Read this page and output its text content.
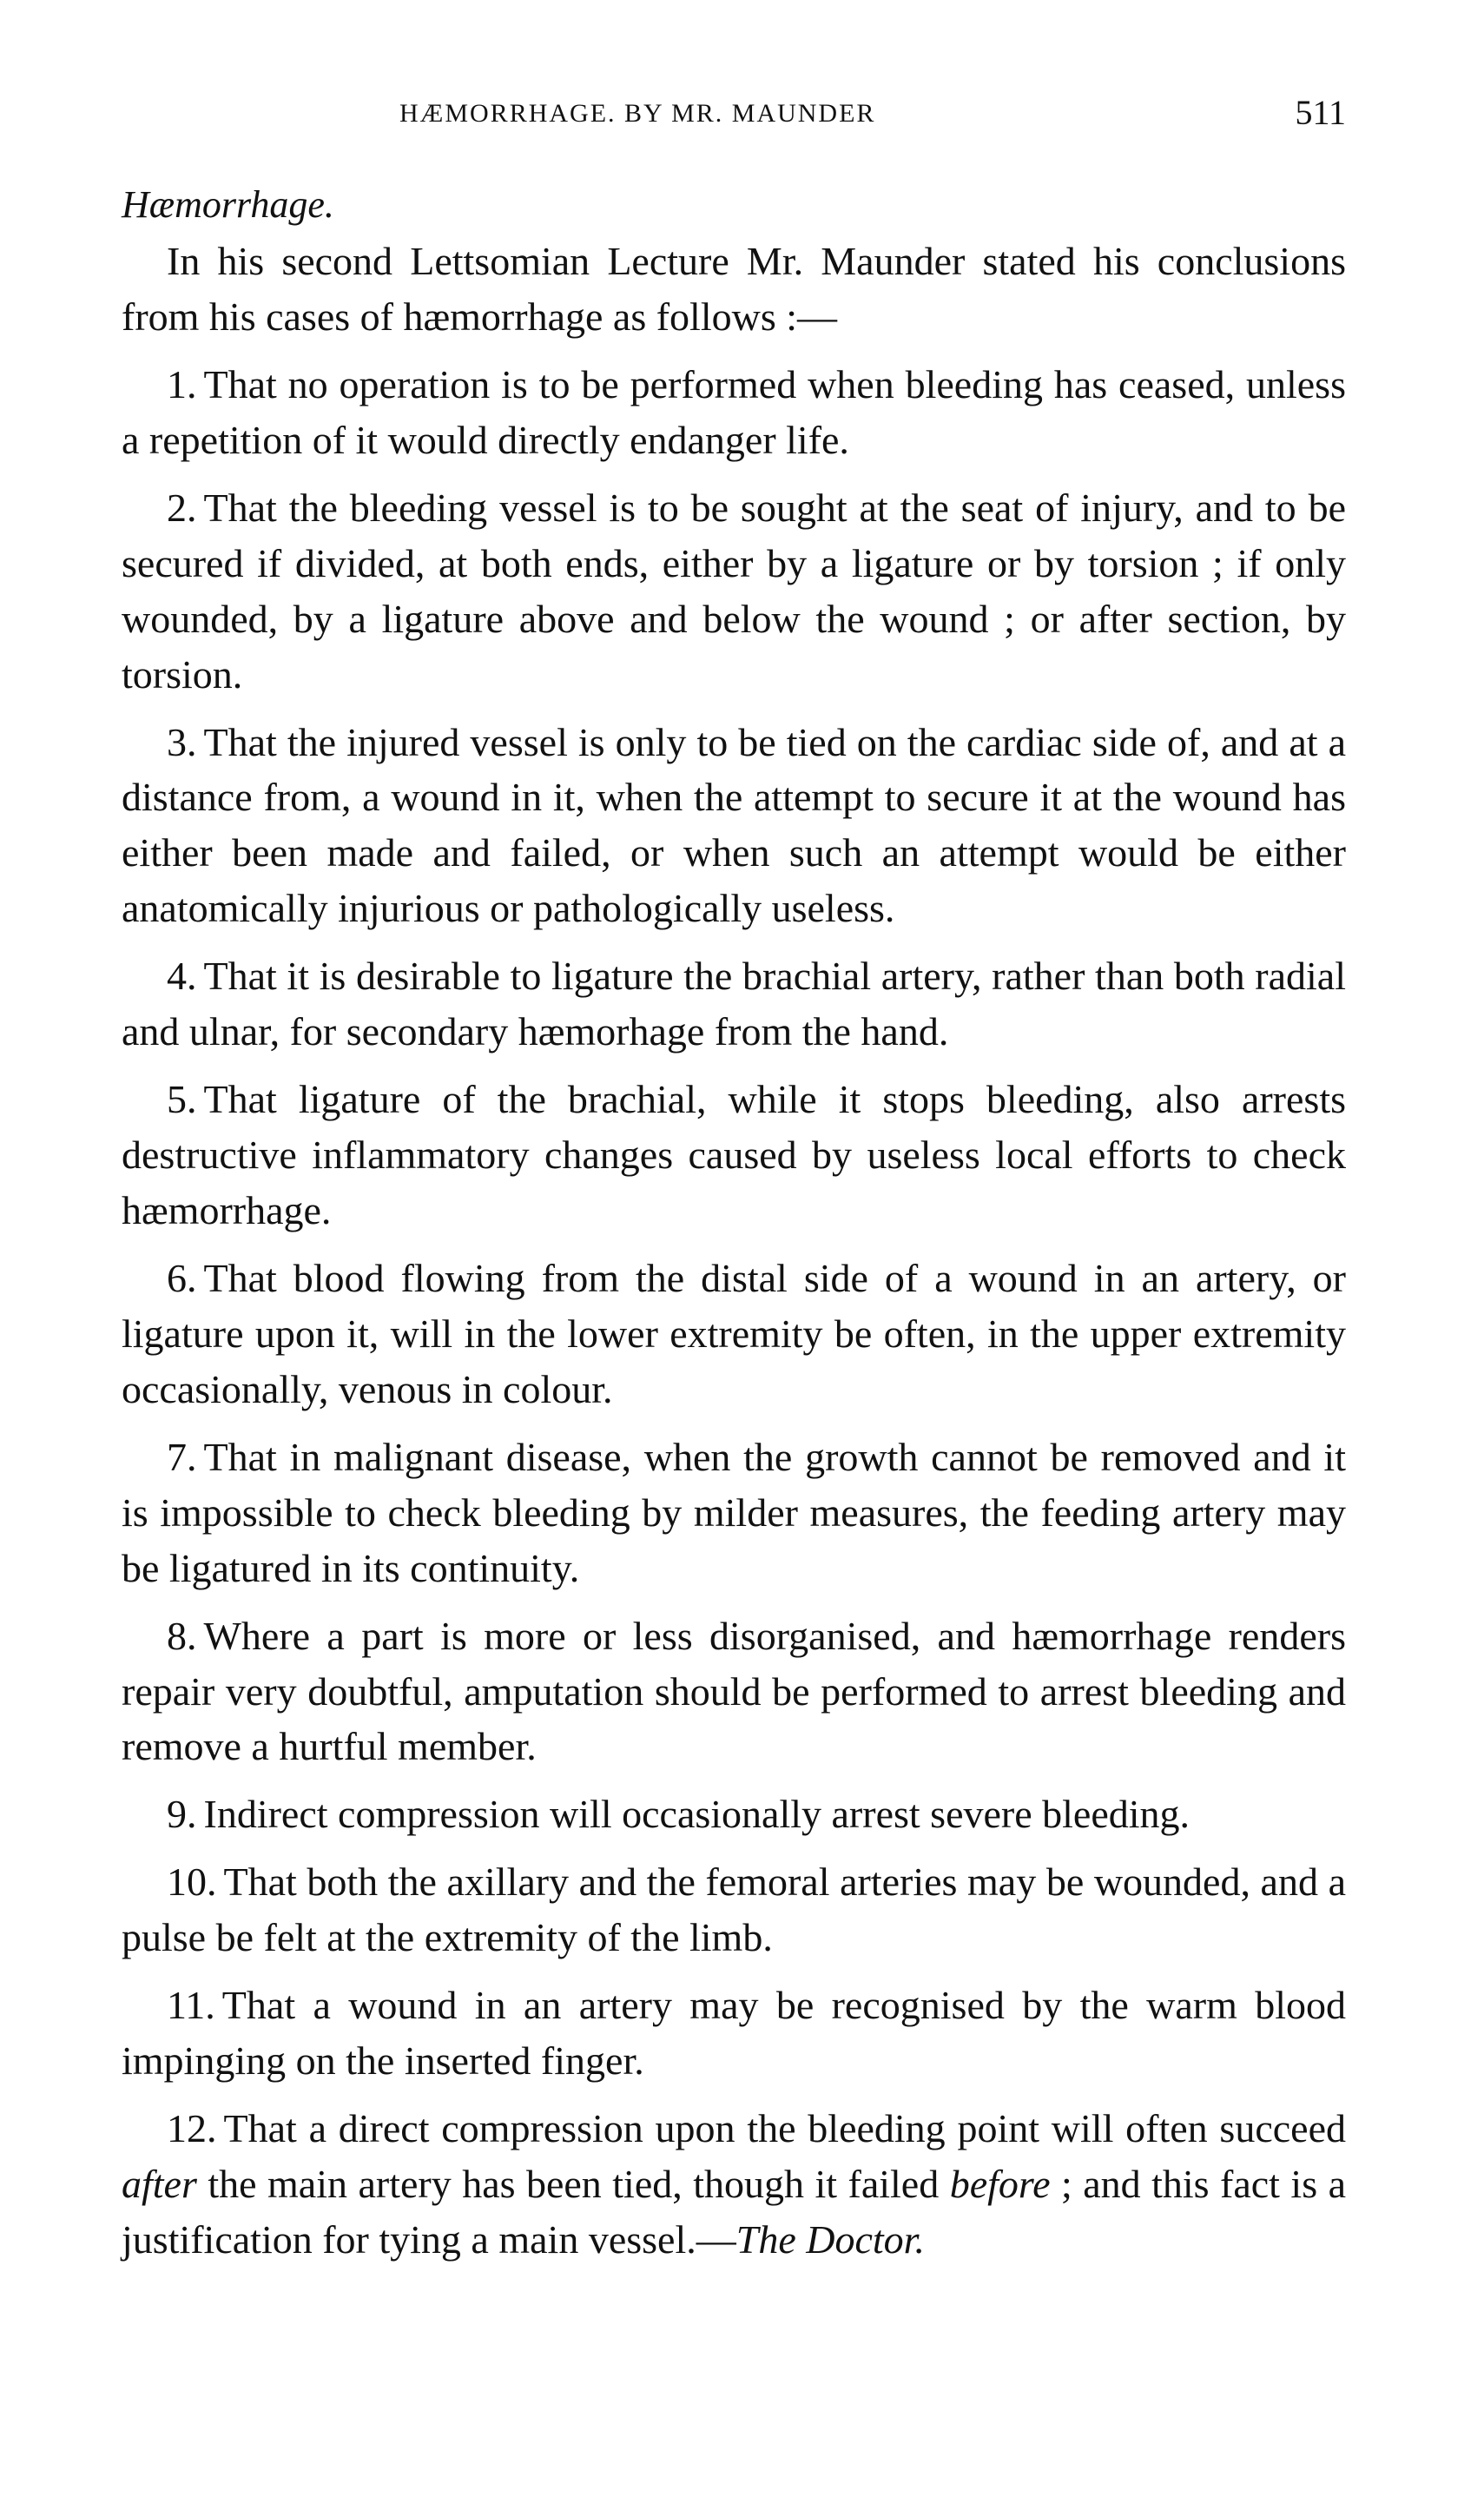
HÆMORRHAGE. BY MR. MAUNDER	511
Hæmorrhage.

In his second Lettsomian Lecture Mr. Maunder stated his conclusions from his cases of hæmorrhage as follows :—

1. That no operation is to be performed when bleeding has ceased, unless a repetition of it would directly endanger life.

2. That the bleeding vessel is to be sought at the seat of injury, and to be secured if divided, at both ends, either by a ligature or by torsion ; if only wounded, by a ligature above and below the wound ; or after section, by torsion.

3. That the injured vessel is only to be tied on the cardiac side of, and at a distance from, a wound in it, when the attempt to secure it at the wound has either been made and failed, or when such an attempt would be either anatomically injurious or pathologically useless.

4. That it is desirable to ligature the brachial artery, rather than both radial and ulnar, for secondary hæmorhage from the hand.

5. That ligature of the brachial, while it stops bleeding, also arrests destructive inflammatory changes caused by useless local efforts to check hæmorrhage.

6. That blood flowing from the distal side of a wound in an artery, or ligature upon it, will in the lower extremity be often, in the upper extremity occasionally, venous in colour.

7. That in malignant disease, when the growth cannot be removed and it is impossible to check bleeding by milder measures, the feeding artery may be ligatured in its continuity.

8. Where a part is more or less disorganised, and hæmorrhage renders repair very doubtful, amputation should be performed to arrest bleeding and remove a hurtful member.

9. Indirect compression will occasionally arrest severe bleeding.

10. That both the axillary and the femoral arteries may be wounded, and a pulse be felt at the extremity of the limb.

11. That a wound in an artery may be recognised by the warm blood impinging on the inserted finger.

12. That a direct compression upon the bleeding point will often succeed after the main artery has been tied, though it failed before ; and this fact is a justification for tying a main vessel.—The Doctor.
